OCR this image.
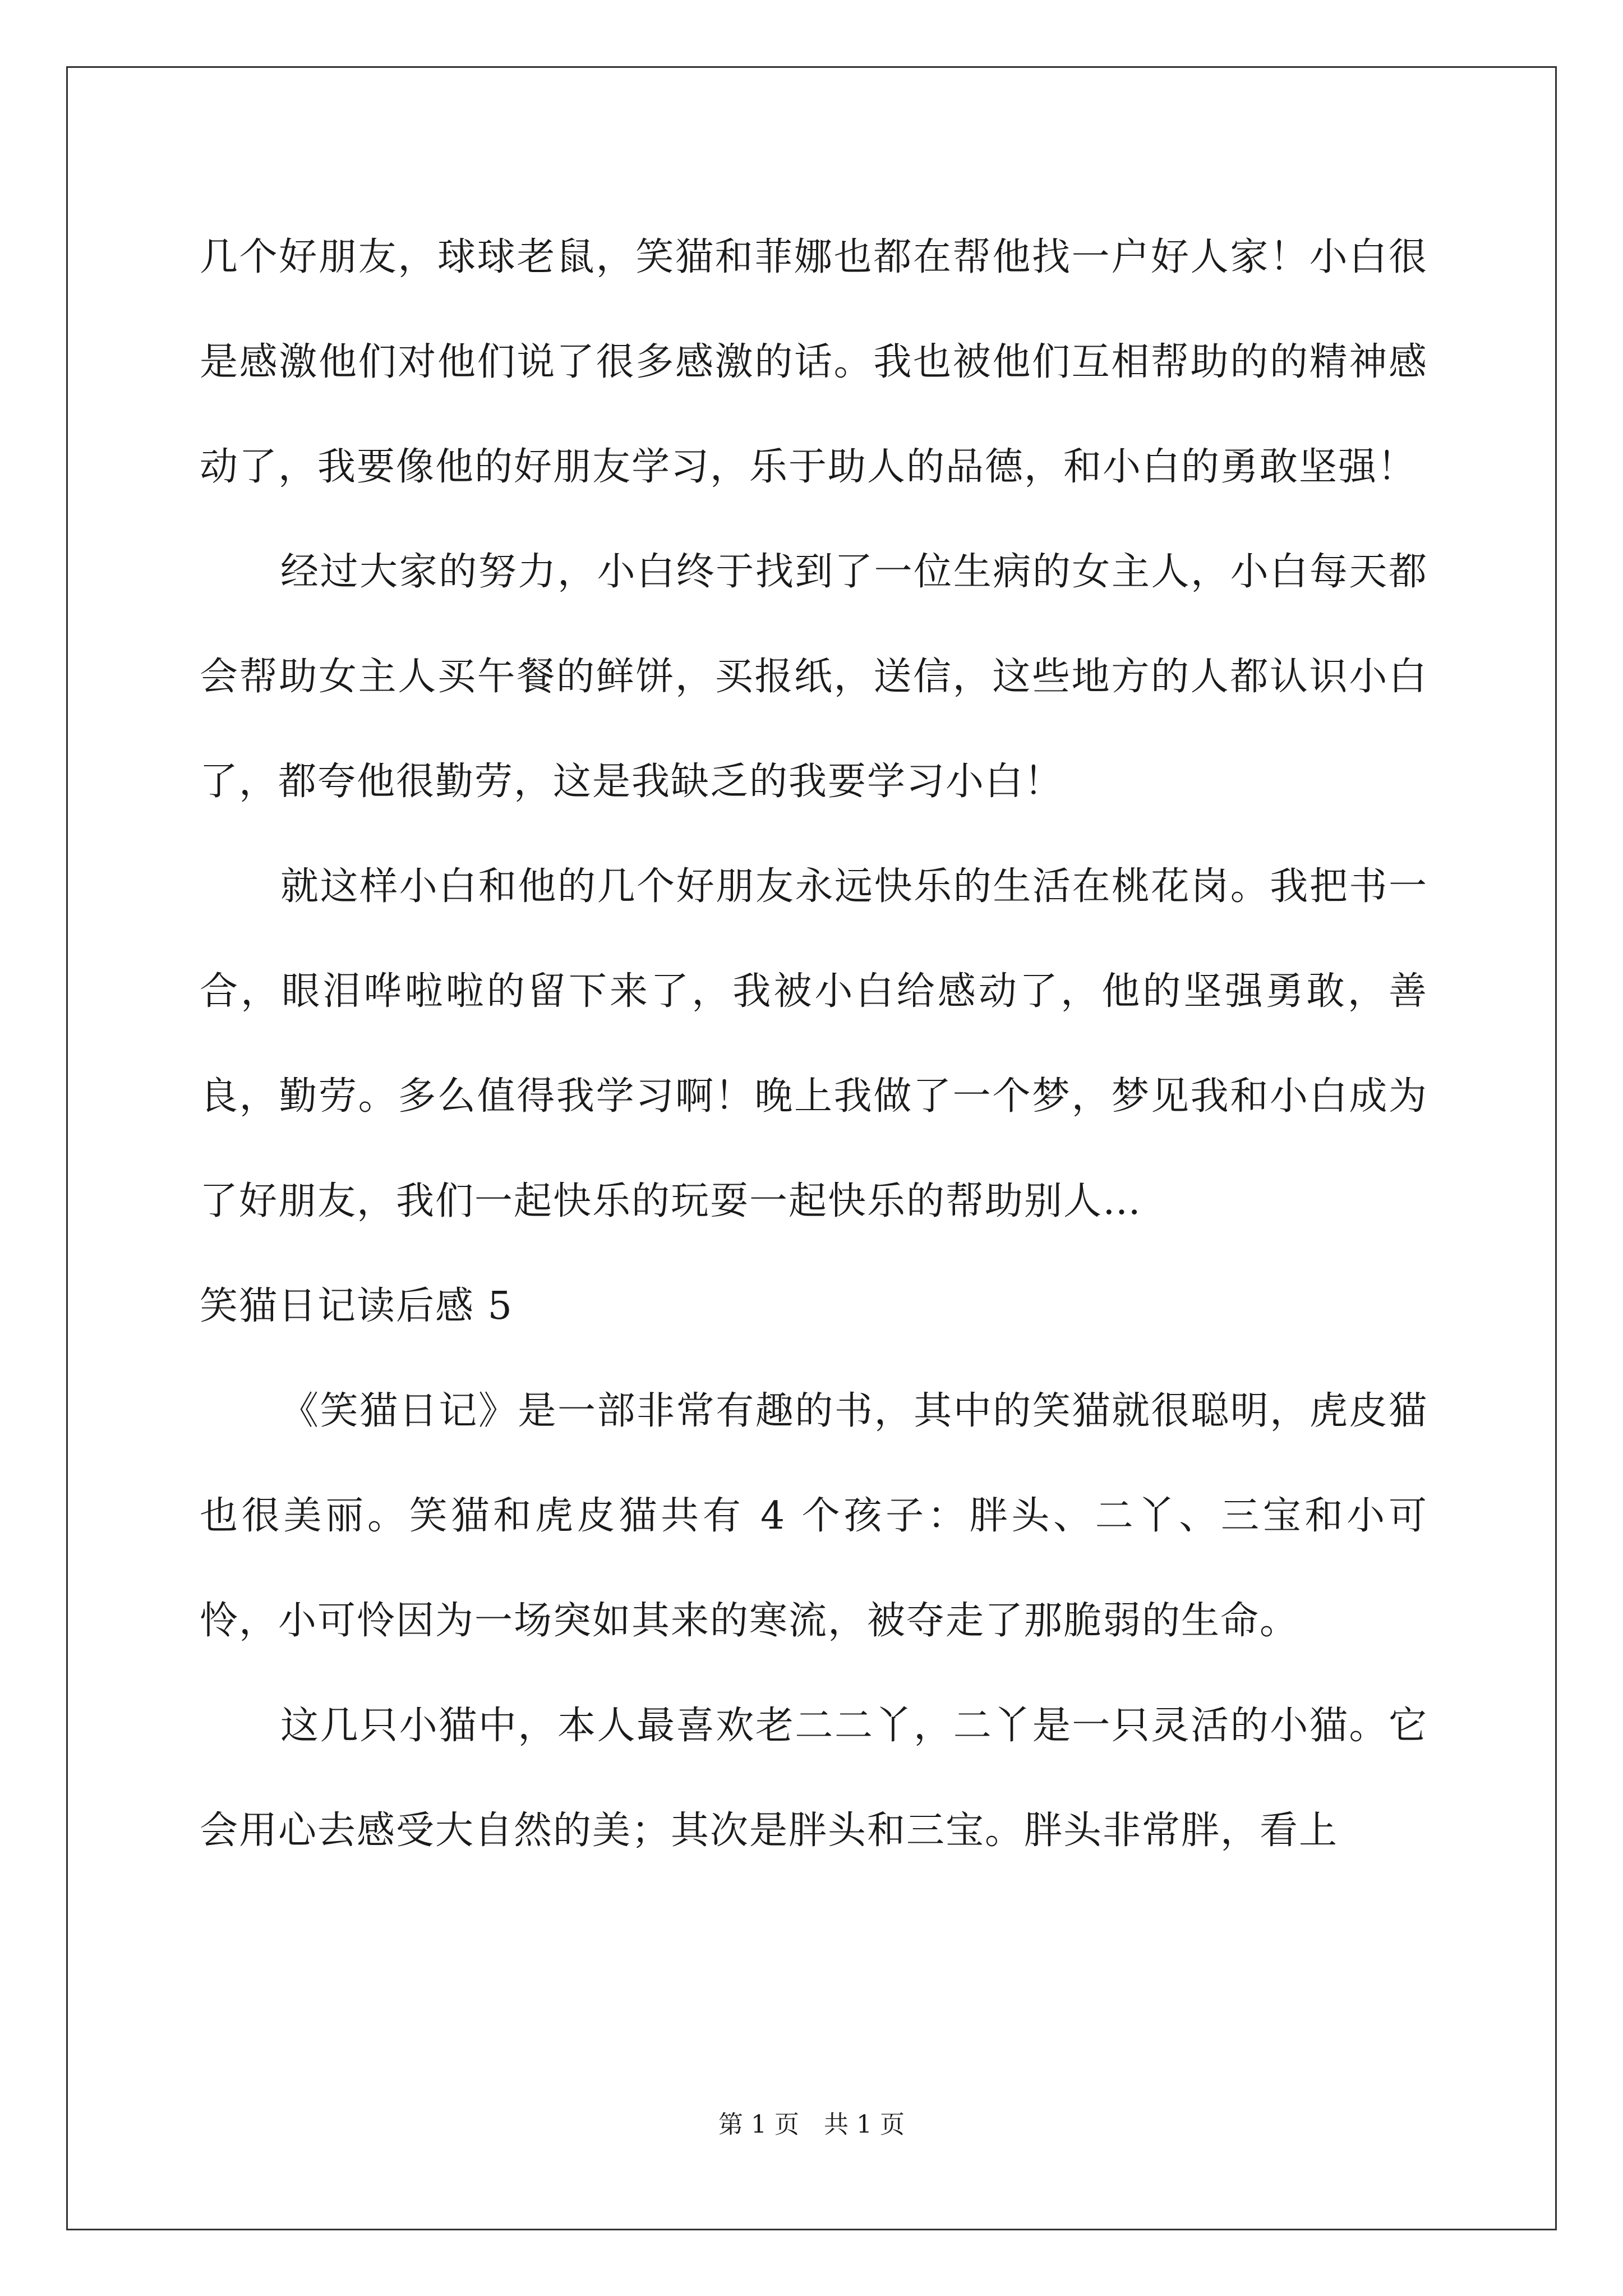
几个好朋友，球球老鼠，笑猫和菲娜也都在帮他找一户好人家！小白很是感激他们对他们说了很多感激的话。我也被他们互相帮助的的精神感动了，我要像他的好朋友学习，乐于助人的品德，和小白的勇敢坚强！

经过大家的努力，小白终于找到了一位生病的女主人，小白每天都会帮助女主人买午餐的鲜饼，买报纸，送信，这些地方的人都认识小白了，都夸他很勤劳，这是我缺乏的我要学习小白！

就这样小白和他的几个好朋友永远快乐的生活在桃花岗。我把书一合，眼泪哗啦啦的留下来了，我被小白给感动了，他的坚强勇敢，善良，勤劳。多么值得我学习啊！晚上我做了一个梦，梦见我和小白成为了好朋友，我们一起快乐的玩耍一起快乐的帮助别人…

笑猫日记读后感 5

《笑猫日记》是一部非常有趣的书，其中的笑猫就很聪明，虎皮猫也很美丽。笑猫和虎皮猫共有 4 个孩子：胖头、二丫、三宝和小可怜，小可怜因为一场突如其来的寒流，被夺走了那脆弱的生命。

这几只小猫中，本人最喜欢老二二丫，二丫是一只灵活的小猫。它会用心去感受大自然的美；其次是胖头和三宝。胖头非常胖，看上

第 1 页　共 1 页
